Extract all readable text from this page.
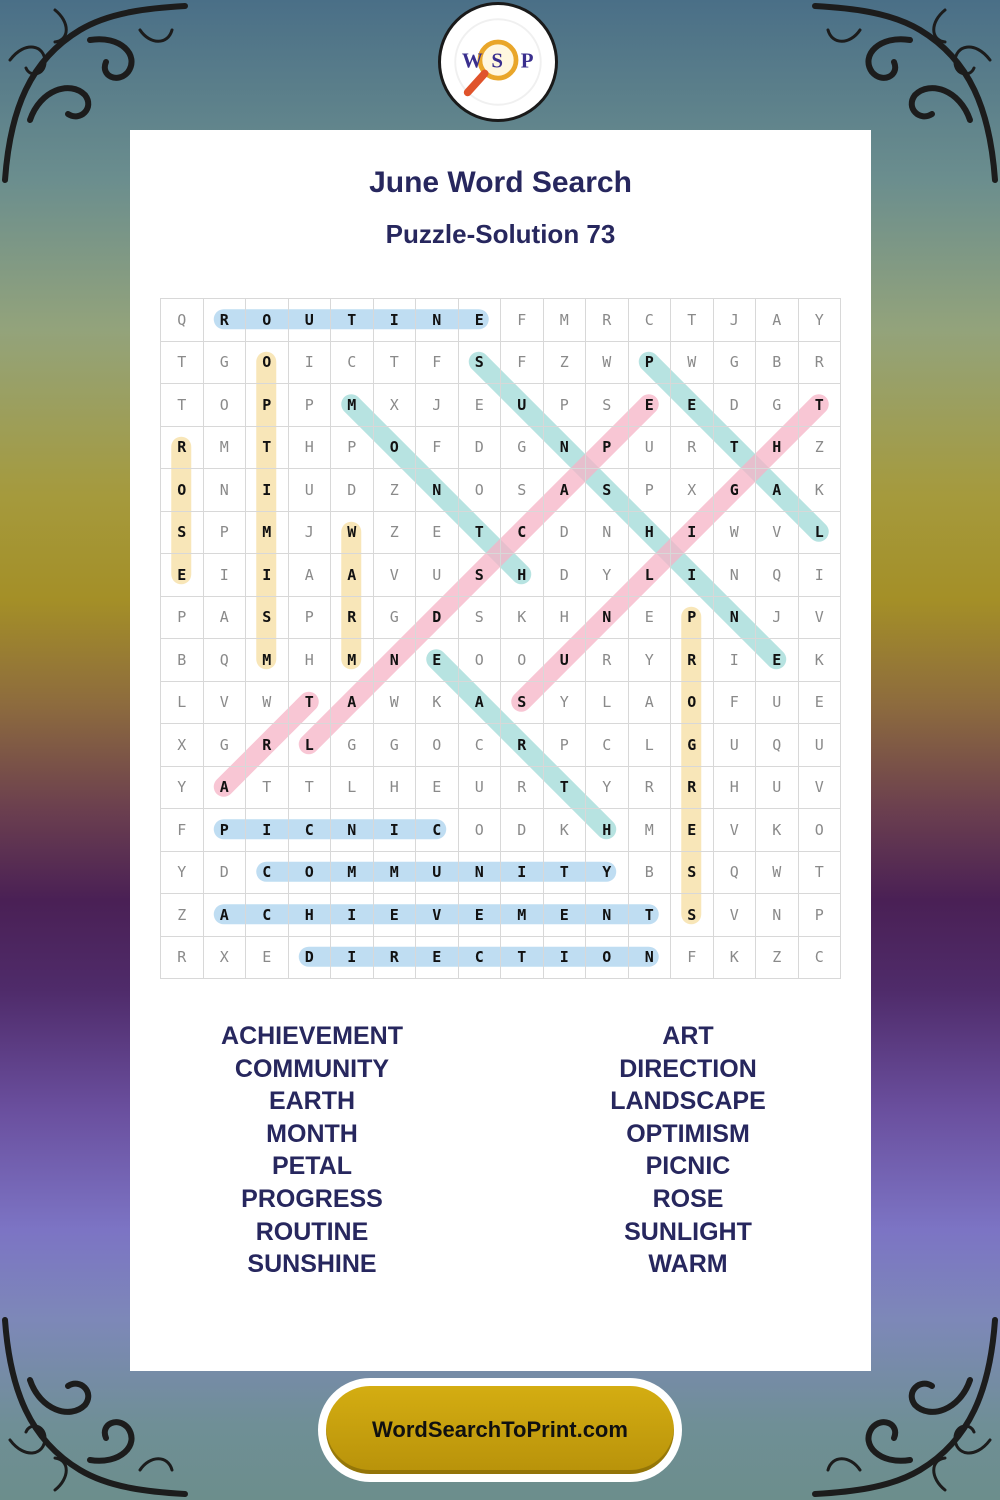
W S P
June Word Search
Puzzle-Solution 73
Q	R	O	U	T	I	N	E	F	M	R	C	T	J	A	Y
T	G	O	I	C	T	F	S	F	Z	W	P	W	G	B	R
T	O	P	P	M	X	J	E	U	P	S	E	E	D	G	T
R	M	T	H	P	O	F	D	G	N	P	U	R	T	H	Z
O	N	I	U	D	Z	N	O	S	A	S	P	X	G	A	K
S	P	M	J	W	Z	E	T	C	D	N	H	I	W	V	L
E	I	I	A	A	V	U	S	H	D	Y	L	I	N	Q	I
P	A	S	P	R	G	D	S	K	H	N	E	P	N	J	V
B	Q	M	H	M	N	E	O	O	U	R	Y	R	I	E	K
L	V	W	T	A	W	K	A	S	Y	L	A	O	F	U	E
X	G	R	L	G	G	O	C	R	P	C	L	G	U	Q	U
Y	A	T	T	L	H	E	U	R	T	Y	R	R	H	U	V
F	P	I	C	N	I	C	O	D	K	H	M	E	V	K	O
Y	D	C	O	M	M	U	N	I	T	Y	B	S	Q	W	T
Z	A	C	H	I	E	V	E	M	E	N	T	S	V	N	P
R	X	E	D	I	R	E	C	T	I	O	N	F	K	Z	C
ACHIEVEMENT
COMMUNITY
EARTH
MONTH
PETAL
PROGRESS
ROUTINE
SUNSHINE
ART
DIRECTION
LANDSCAPE
OPTIMISM
PICNIC
ROSE
SUNLIGHT
WARM
WordSearchToPrint.com
